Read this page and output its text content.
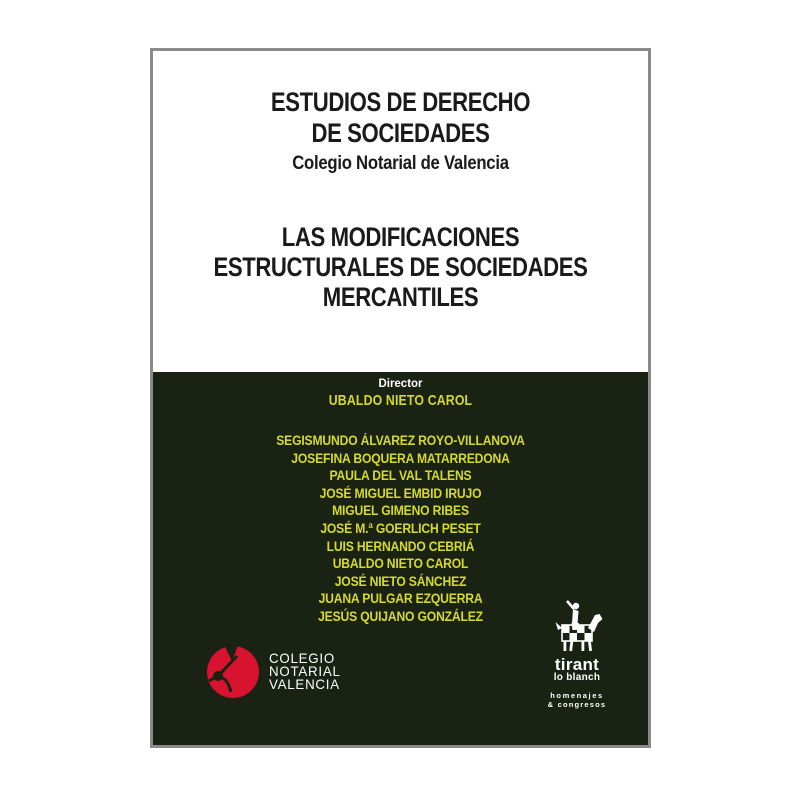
ESTUDIOS DE DERECHO
DE SOCIEDADES
Colegio Notarial de Valencia
LAS MODIFICACIONES
ESTRUCTURALES DE SOCIEDADES
MERCANTILES
Director
UBALDO NIETO CAROL
SEGISMUNDO ÁLVAREZ ROYO-VILLANOVA
JOSEFINA BOQUERA MATARREDONA
PAULA DEL VAL TALENS
JOSÉ MIGUEL EMBID IRUJO
MIGUEL GIMENO RIBES
JOSÉ M.ª GOERLICH PESET
LUIS HERNANDO CEBRIÁ
UBALDO NIETO CAROL
JOSÉ NIETO SÁNCHEZ
JUANA PULGAR EZQUERRA
JESÚS QUIJANO GONZÁLEZ
COLEGIO
NOTARIAL
VALENCIA
tirant
lo blanch
homenajes
& congresos
